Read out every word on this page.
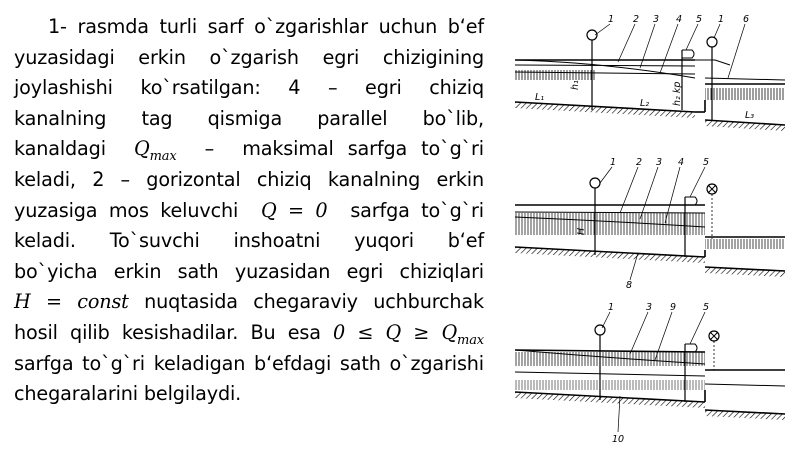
1- rasmda turli sarf o`zgarishlar uchun b‘ef
yuzasidagi erkin o`zgarish egri chizigining
joylashishi ko`rsatilgan: 4 – egri chiziq
kanalning tag qismiga parallel bo`lib,
kanaldagi $Q_{max}$ – maksimal sarfga to`g`ri
keladi, 2 – gorizontal chiziq kanalning erkin
yuzasiga mos keluvchi Q = 0 sarfga to`g`ri
keladi. To`suvchi inshoatni yuqori b‘ef
bo`yicha erkin sath yuzasidan egri chiziqlari
H = const nuqtasida chegaraviy uchburchak
hosil qilib kesishadilar. Bu esa $0 \le Q \ge Q_{max}$
sarfga to`g`ri keladigan b‘efdagi sath o`zgarishi
chegaralarini belgilaydi.
1 2 3 4 5 1 6
L₁
L₂
L₃
h₁	h₂ kp
1 2 3 4 5
8
H
1	3 9	5
10
